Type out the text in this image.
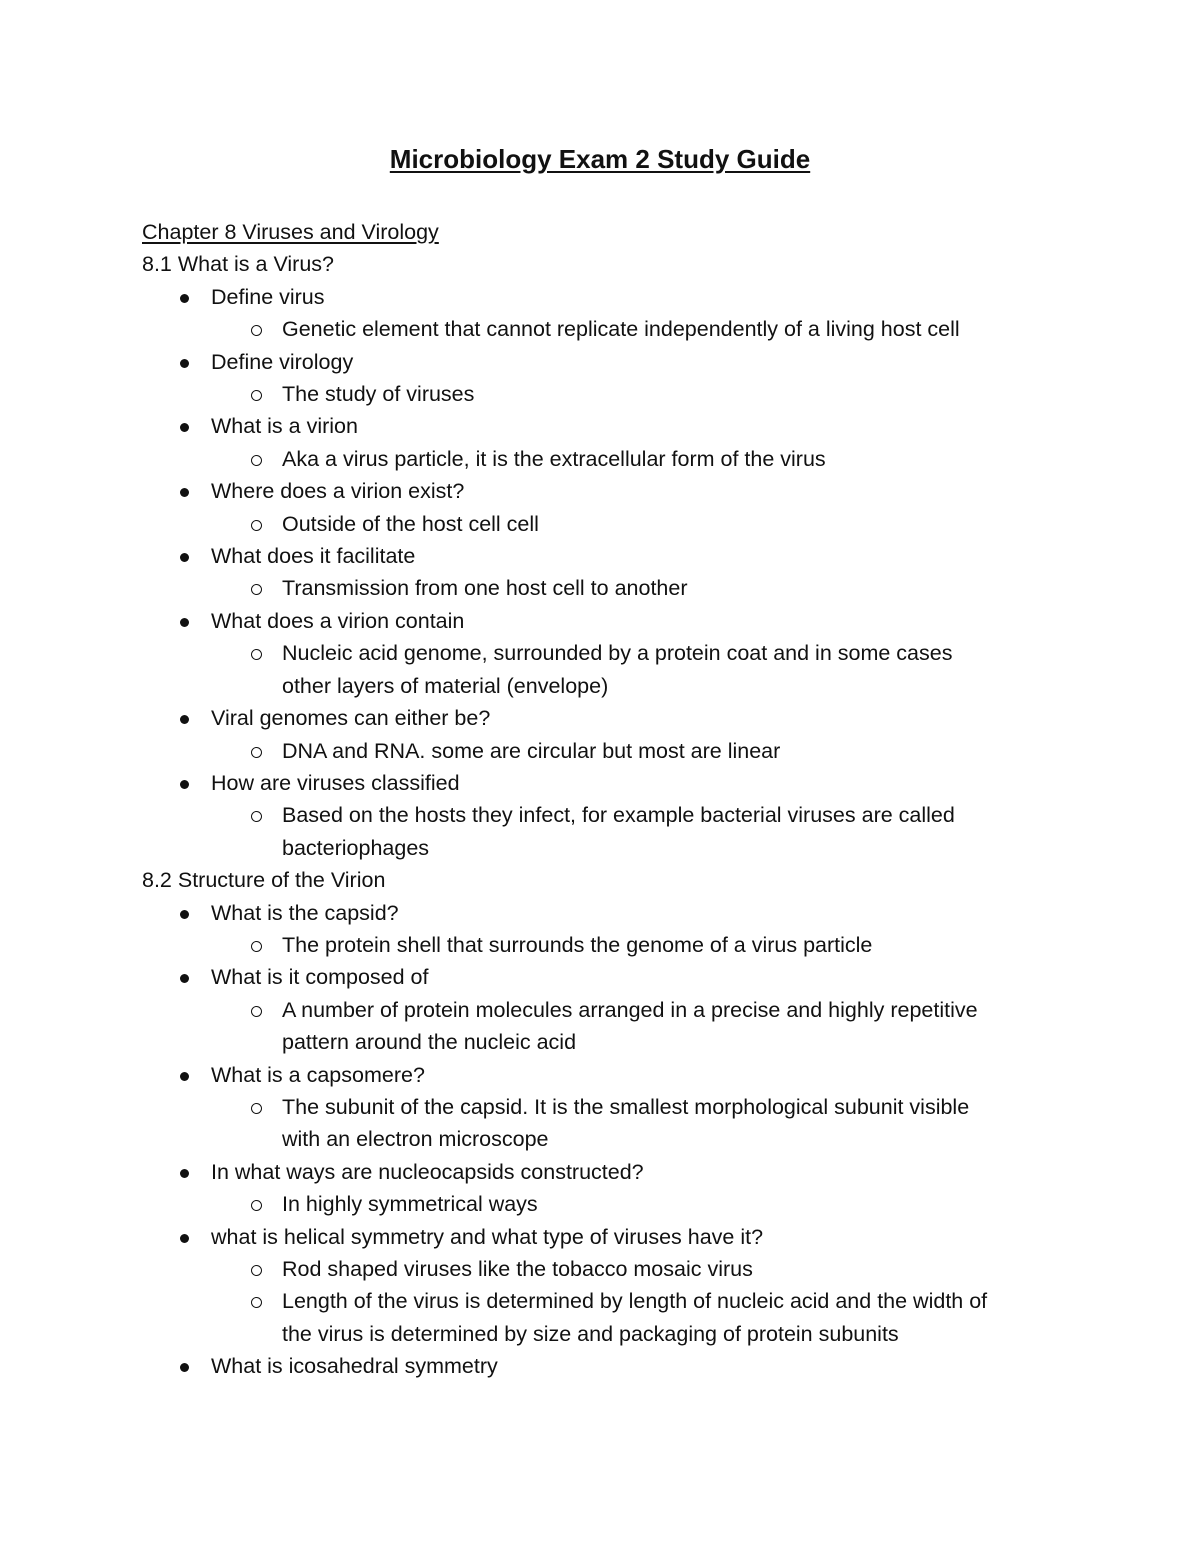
Microbiology Exam 2 Study Guide
Chapter 8 Viruses and Virology
8.1 What is a Virus?
Define virus
Genetic element that cannot replicate independently of a living host cell
Define virology
The study of viruses
What is a virion
Aka a virus particle, it is the extracellular form of the virus
Where does a virion exist?
Outside of the host cell cell
What does it facilitate
Transmission from one host cell to another
What does a virion contain
Nucleic acid genome, surrounded by a protein coat and in some cases
other layers of material (envelope)
Viral genomes can either be?
DNA and RNA. some are circular but most are linear
How are viruses classified
Based on the hosts they infect, for example bacterial viruses are called
bacteriophages
8.2 Structure of the Virion
What is the capsid?
The protein shell that surrounds the genome of a virus particle
What is it composed of
A number of protein molecules arranged in a precise and highly repetitive
pattern around the nucleic acid
What is a capsomere?
The subunit of the capsid. It is the smallest morphological subunit visible
with an electron microscope
In what ways are nucleocapsids constructed?
In highly symmetrical ways
what is helical symmetry and what type of viruses have it?
Rod shaped viruses like the tobacco mosaic virus
Length of the virus is determined by length of nucleic acid and the width of
the virus is determined by size and packaging of protein subunits
What is icosahedral symmetry
